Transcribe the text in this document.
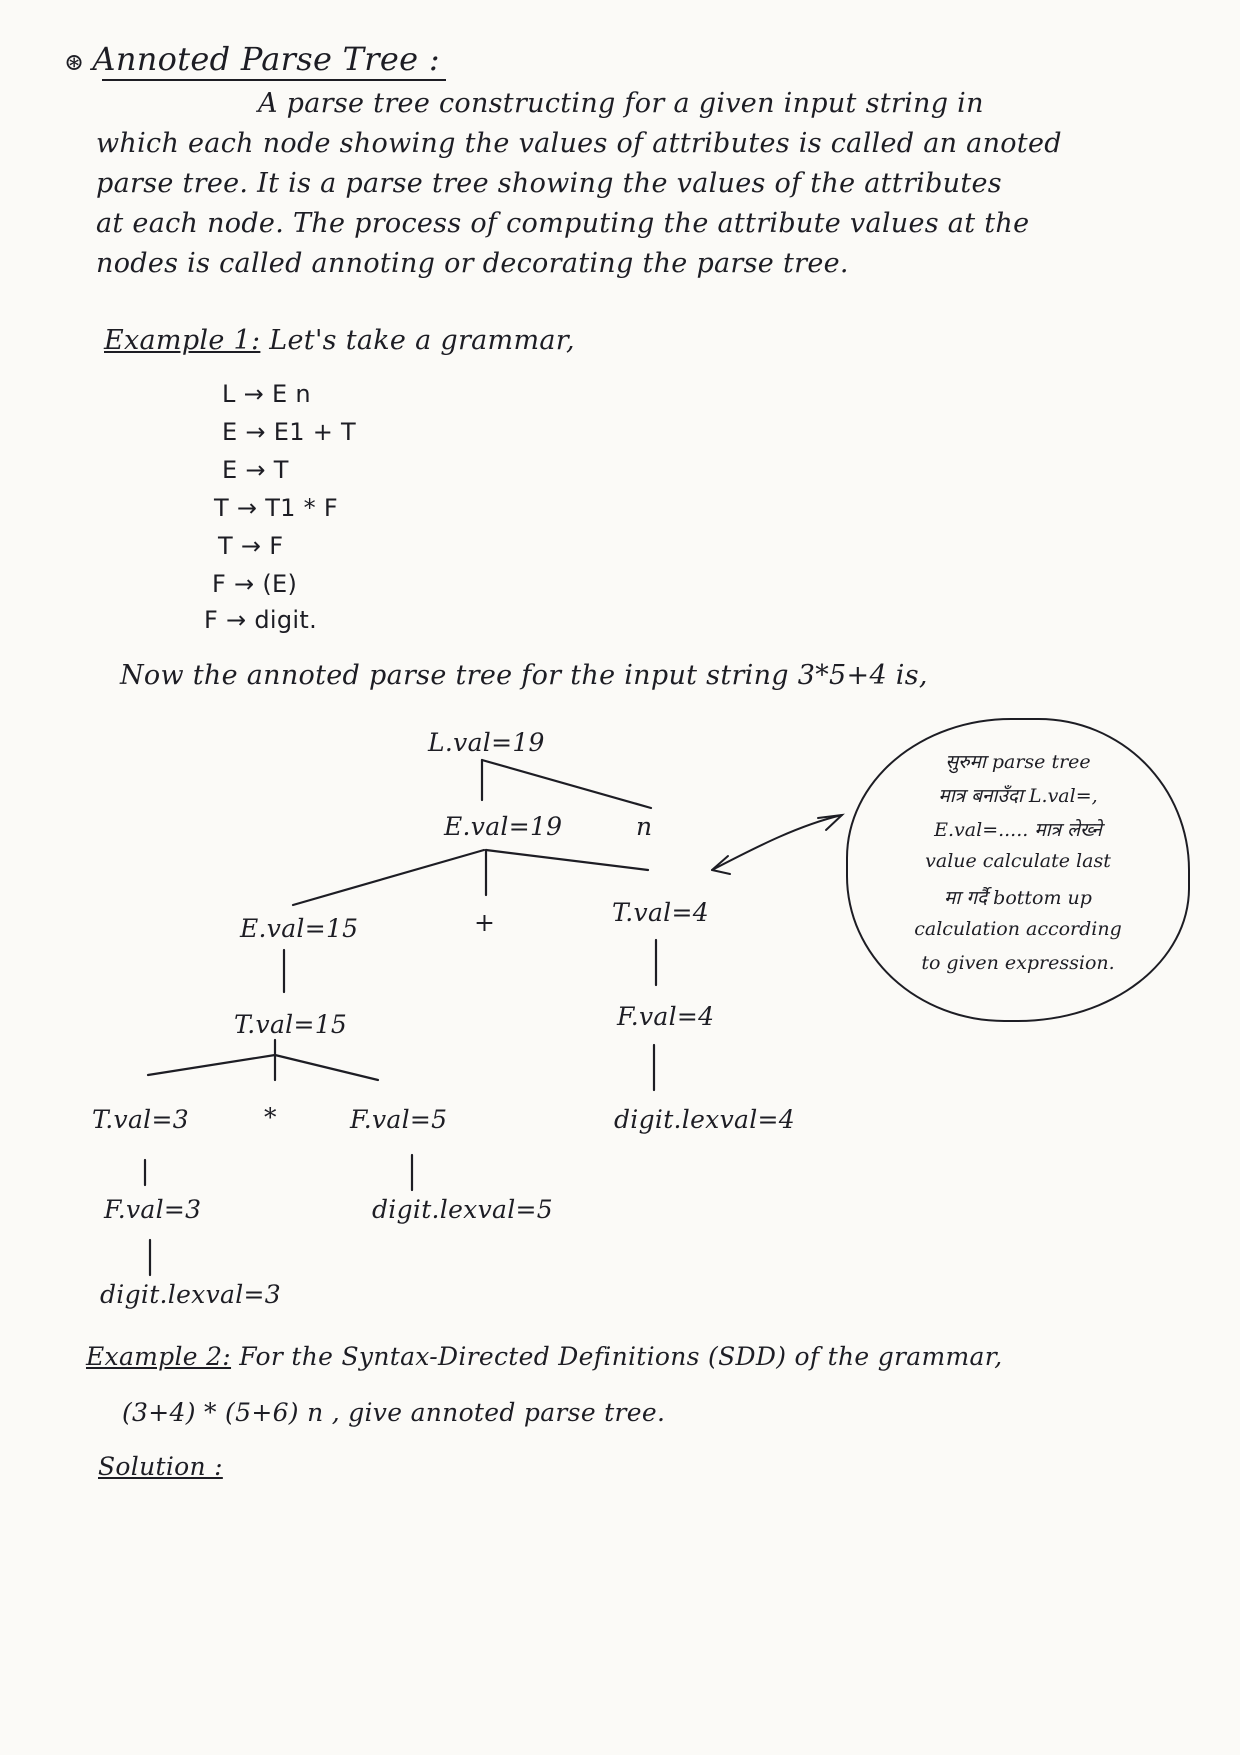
⊛ Annoted Parse Tree :
A parse tree constructing for a given input string in
which each node showing the values of attributes is called an anoted
parse tree. It is a parse tree showing the values of the attributes
at each node. The process of computing the attribute values at the
nodes is called annoting or decorating the parse tree.
Example 1: Let's take a grammar,
L → E n
E → E1 + T
E → T
T → T1 * F
T → F
F → (E)
F → digit.
Now the annoted parse tree for the input string 3*5+4 is,
L.val=19
E.val=19	n
E.val=15	+	T.val=4
T.val=15	F.val=4
T.val=3	*	F.val=5	digit.lexval=4
F.val=3	digit.lexval=5
digit.lexval=3
सुरुमा parse tree
मात्र बनाउँदा L.val=,
E.val=..... मात्र लेख्ने
value calculate last
मा गर्दै bottom up
calculation according
to given expression.
Example 2: For the Syntax-Directed Definitions (SDD) of the grammar,
(3+4) * (5+6) n , give annoted parse tree.
Solution :
